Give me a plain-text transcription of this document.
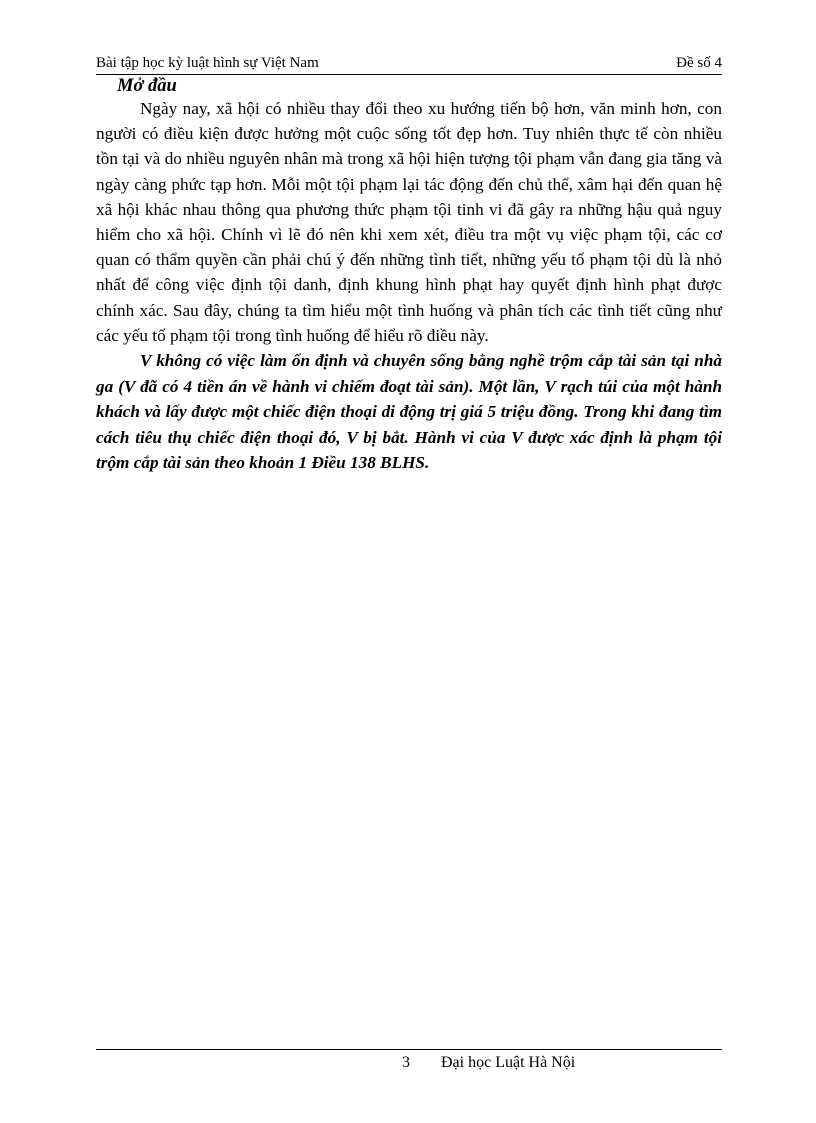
Bài tập học kỳ luật hình sự Việt Nam	Đề số 4
Mở đầu

Ngày nay, xã hội có nhiều thay đổi theo xu hướng tiến bộ hơn, văn minh hơn, con người có điều kiện được hưởng một cuộc sống tốt đẹp hơn. Tuy nhiên thực tế còn nhiều tồn tại và do nhiều nguyên nhân mà trong xã hội hiện tượng tội phạm vẫn đang gia tăng và ngày càng phức tạp hơn. Mỗi một tội phạm lại tác động đến chủ thể, xâm hại đến quan hệ xã hội khác nhau thông qua phương thức phạm tội tinh vi đã gây ra những hậu quả nguy hiểm cho xã hội. Chính vì lẽ đó nên khi xem xét, điều tra một vụ việc phạm tội, các cơ quan có thẩm quyền cần phải chú ý đến những tình tiết, những yếu tố phạm tội dù là nhỏ nhất để công việc định tội danh, định khung hình phạt hay quyết định hình phạt được chính xác. Sau đây, chúng ta tìm hiểu một tình huống và phân tích các tình tiết cũng như các yếu tố phạm tội trong tình huống để hiểu rõ điều này.

V không có việc làm ổn định và chuyên sống bằng nghề trộm cắp tài sản tại nhà ga (V đã có 4 tiền án về hành vi chiếm đoạt tài sản). Một lần, V rạch túi của một hành khách và lấy được một chiếc điện thoại di động trị giá 5 triệu đồng. Trong khi đang tìm cách tiêu thụ chiếc điện thoại đó, V bị bắt. Hành vi của V được xác định là phạm tội trộm cắp tài sản theo khoản 1 Điều 138 BLHS.

3 Đại học Luật Hà Nội
